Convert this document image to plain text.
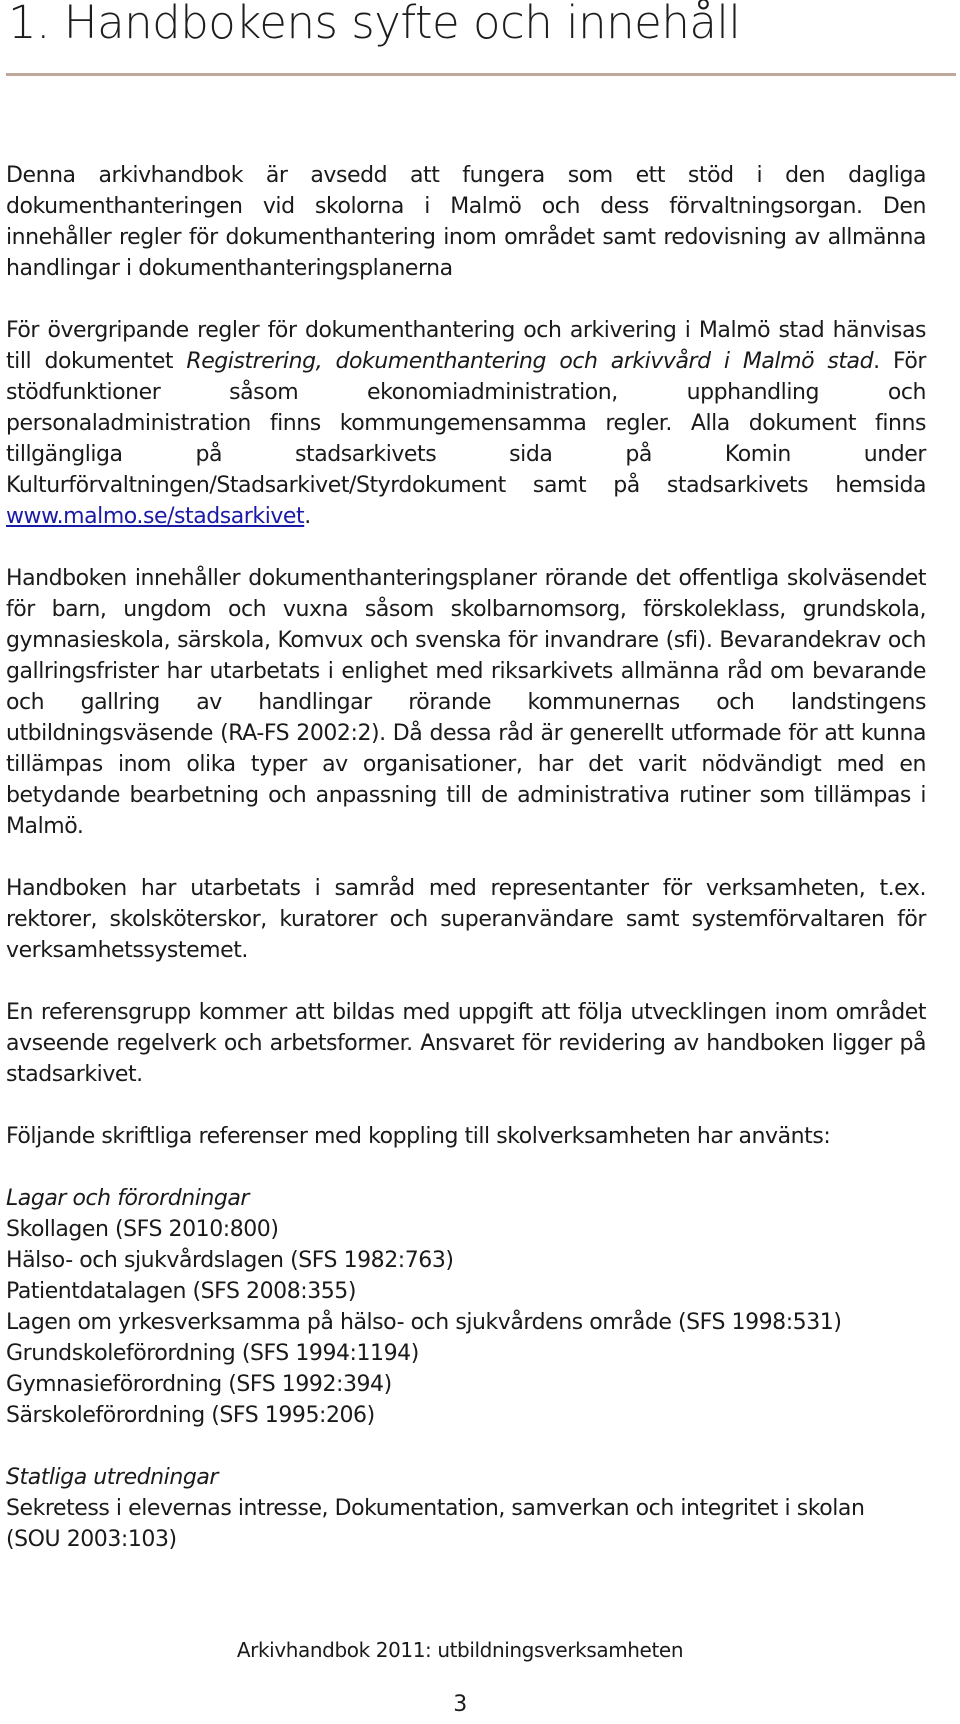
1. Handbokens syfte och innehåll

Denna arkivhandbok är avsedd att fungera som ett stöd i den dagliga dokumenthanteringen vid skolorna i Malmö och dess förvaltningsorgan. Den innehåller regler för dokumenthantering inom området samt redovisning av allmänna handlingar i dokumenthanteringsplanerna

För övergripande regler för dokumenthantering och arkivering i Malmö stad hänvisas till dokumentet Registrering, dokumenthantering och arkivvård i Malmö stad. För stödfunktioner såsom ekonomiadministration, upphandling och personaladministration finns kommungemensamma regler. Alla dokument finns tillgängliga på stadsarkivets sida på Komin under Kulturförvaltningen/Stadsarkivet/Styrdokument samt på stadsarkivets hemsida www.malmo.se/stadsarkivet.

Handboken innehåller dokumenthanteringsplaner rörande det offentliga skolväsendet för barn, ungdom och vuxna såsom skolbarnomsorg, förskoleklass, grundskola, gymnasieskola, särskola, Komvux och svenska för invandrare (sfi). Bevarandekrav och gallringsfrister har utarbetats i enlighet med riksarkivets allmänna råd om bevarande och gallring av handlingar rörande kommunernas och landstingens utbildningsväsende (RA-FS 2002:2). Då dessa råd är generellt utformade för att kunna tillämpas inom olika typer av organisationer, har det varit nödvändigt med en betydande bearbetning och anpassning till de administrativa rutiner som tillämpas i Malmö.

Handboken har utarbetats i samråd med representanter för verksamheten, t.ex. rektorer, skolsköterskor, kuratorer och superanvändare samt systemförvaltaren för verksamhetssystemet.

En referensgrupp kommer att bildas med uppgift att följa utvecklingen inom området avseende regelverk och arbetsformer. Ansvaret för revidering av handboken ligger på stadsarkivet.

Följande skriftliga referenser med koppling till skolverksamheten har använts:

Lagar och förordningar
Skollagen (SFS 2010:800)
Hälso- och sjukvårdslagen (SFS 1982:763)
Patientdatalagen (SFS 2008:355)
Lagen om yrkesverksamma på hälso- och sjukvårdens område (SFS 1998:531)
Grundskoleförordning (SFS 1994:1194)
Gymnasieförordning (SFS 1992:394)
Särskoleförordning (SFS 1995:206)
Statliga utredningar
Sekretess i elevernas intresse, Dokumentation, samverkan och integritet i skolan
(SOU 2003:103)
Arkivhandbok 2011: utbildningsverksamheten
3
